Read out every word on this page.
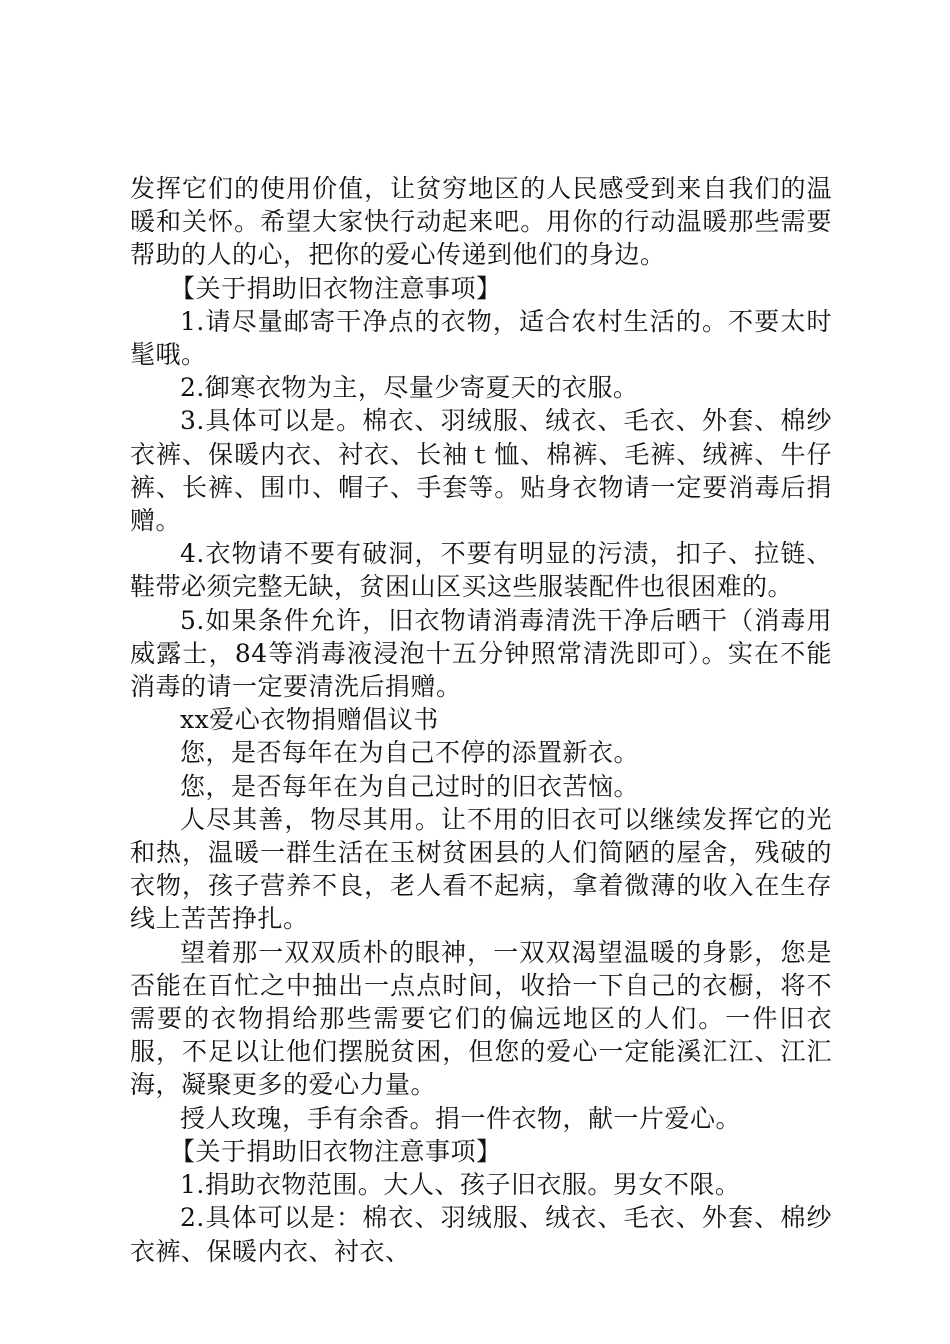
发挥它们的使用价值，让贫穷地区的人民感受到来自我们的温暖和关怀。希望大家快行动起来吧。用你的行动温暖那些需要帮助的人的心，把你的爱心传递到他们的身边。

【关于捐助旧衣物注意事项】

1.请尽量邮寄干净点的衣物，适合农村生活的。不要太时髦哦。

2.御寒衣物为主，尽量少寄夏天的衣服。

3.具体可以是。棉衣、羽绒服、绒衣、毛衣、外套、棉纱衣裤、保暖内衣、衬衣、长袖ｔ恤、棉裤、毛裤、绒裤、牛仔裤、长裤、围巾、帽子、手套等。贴身衣物请一定要消毒后捐赠。

4.衣物请不要有破洞，不要有明显的污渍，扣子、拉链、鞋带必须完整无缺，贫困山区买这些服装配件也很困难的。

5.如果条件允许，旧衣物请消毒清洗干净后晒干（消毒用威露士，84等消毒液浸泡十五分钟照常清洗即可）。实在不能消毒的请一定要清洗后捐赠。

xx爱心衣物捐赠倡议书

您，是否每年在为自己不停的添置新衣。

您，是否每年在为自己过时的旧衣苦恼。

人尽其善，物尽其用。让不用的旧衣可以继续发挥它的光和热，温暖一群生活在玉树贫困县的人们简陋的屋舍，残破的衣物，孩子营养不良，老人看不起病，拿着微薄的收入在生存线上苦苦挣扎。

望着那一双双质朴的眼神，一双双渴望温暖的身影，您是否能在百忙之中抽出一点点时间，收拾一下自己的衣橱，将不需要的衣物捐给那些需要它们的偏远地区的人们。一件旧衣服，不足以让他们摆脱贫困，但您的爱心一定能溪汇江、江汇海，凝聚更多的爱心力量。

授人玫瑰，手有余香。捐一件衣物，献一片爱心。

【关于捐助旧衣物注意事项】

1.捐助衣物范围。大人、孩子旧衣服。男女不限。

2.具体可以是：棉衣、羽绒服、绒衣、毛衣、外套、棉纱衣裤、保暖内衣、衬衣、
